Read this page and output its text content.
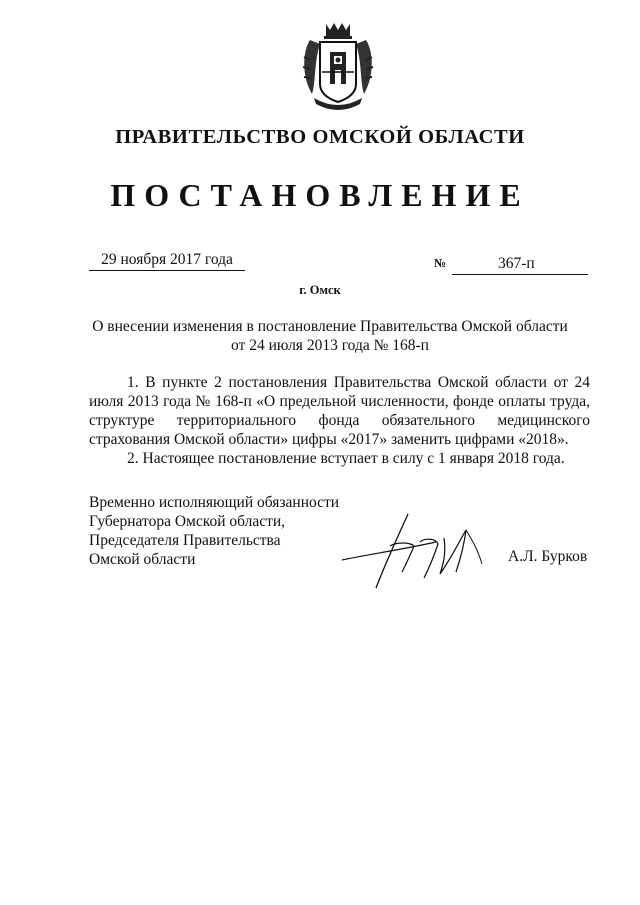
ПРАВИТЕЛЬСТВО ОМСКОЙ ОБЛАСТИ
ПОСТАНОВЛЕНИЕ
29 ноября 2017 года	№	367-п
г. Омск
О внесении изменения в постановление Правительства Омской области
от 24 июля 2013 года № 168-п

1. В пункте 2 постановления Правительства Омской области от 24 июля 2013 года № 168-п «О предельной численности, фонде оплаты труда, структуре территориального фонда обязательного медицинского страхования Омской области» цифры «2017» заменить цифрами «2018».

2. Настоящее постановление вступает в силу с 1 января 2018 года.

Временно исполняющий обязанности
Губернатора Омской области,
Председателя Правительства
Омской области	А.Л. Бурков
